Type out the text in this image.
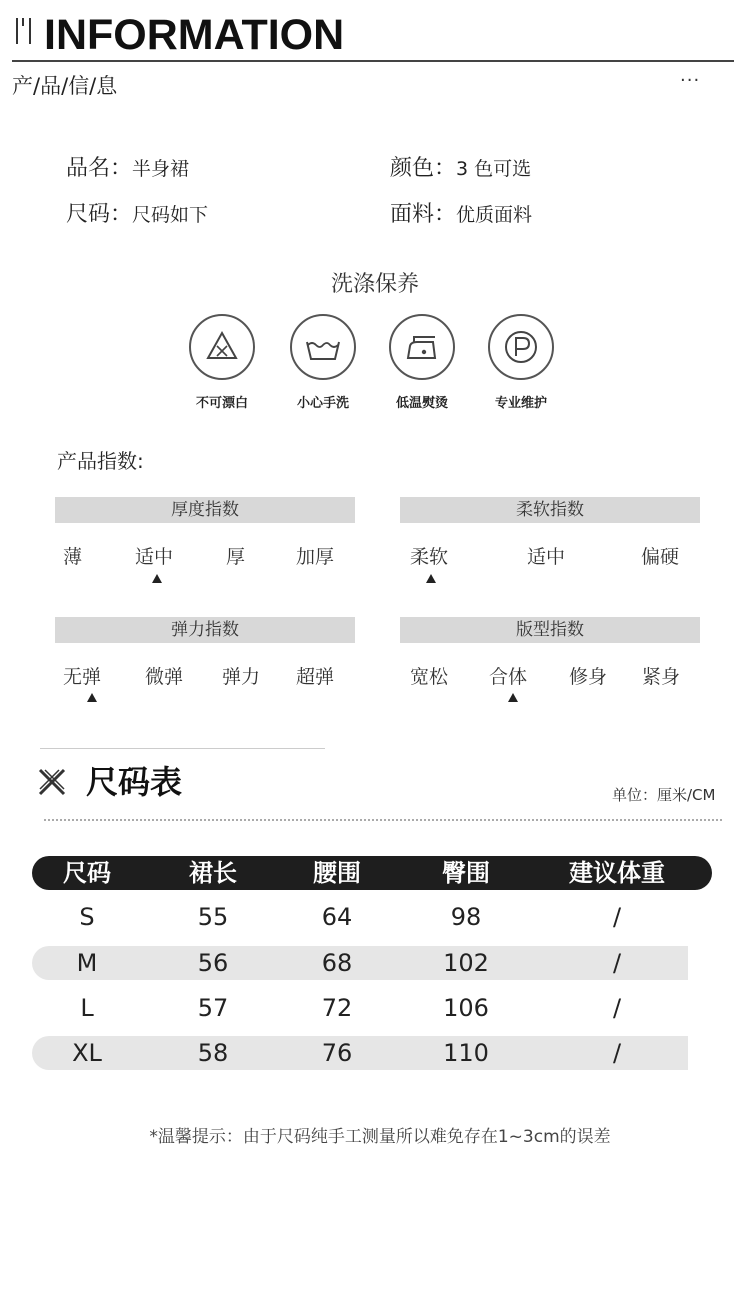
INFORMATION
产/品/信/息	···
品名：半身裙	颜色：3 色可选
尺码：尺码如下	面料：优质面料
洗涤保养
不可漂白	小心手洗	低温熨烫	专业维护
产品指数:
厚度指数
薄	适中	厚	加厚
柔软指数
柔软	适中	偏硬
弹力指数
无弹 微弹 弹力 超弹
版型指数
宽松 合体 修身 紧身
尺码表	单位：厘米/CM
尺码	裙长	腰围	臀围	建议体重
S	55	64	98	/
M	56	68	102	/
L	57	72	106	/
XL	58	76	110	/
*温馨提示：由于尺码纯手工测量所以难免存在1~3cm的误差
